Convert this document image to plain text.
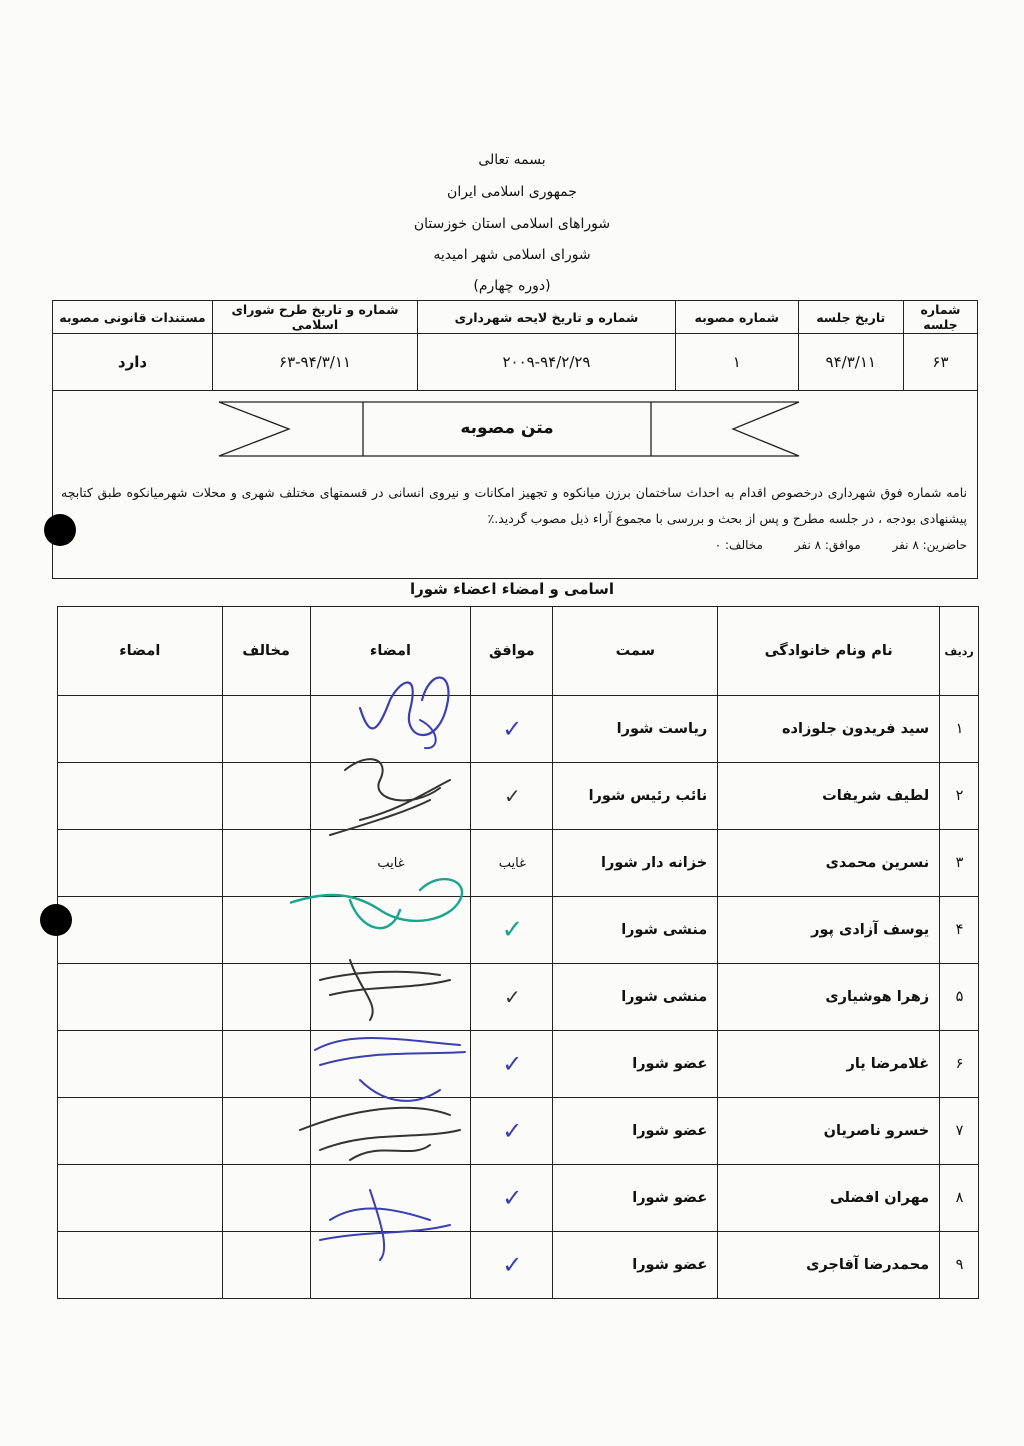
بسمه تعالی
جمهوری اسلامی ایران
شوراهای اسلامی استان خوزستان
شورای اسلامی شهر امیدیه
(دوره چهارم)
شماره جلسه	تاریخ جلسه	شماره مصوبه	شماره و تاریخ لایحه شهرداری	شماره و تاریخ طرح شورای اسلامی	مستندات قانونی مصوبه
۶۳	۹۴/۳/۱۱	۱	۲۰۰۹-۹۴/۲/۲۹	۶۳-۹۴/۳/۱۱	دارد
متن مصوبه
نامه شماره فوق شهرداری درخصوص اقدام به احداث ساختمان برزن میانکوه و تجهیز امکانات و نیروی انسانی در قسمتهای مختلف شهری و محلات شهرمیانکوه طبق کتابچه پیشنهادی بودجه ، در جلسه مطرح و پس از بحث و بررسی با مجموع آراء ذیل مصوب گردید.٪
حاضرین: ۸ نفر موافق: ۸ نفر مخالف: ۰
اسامی و امضاء اعضاء شورا
ردیف	نام ونام خانوادگی	سمت	موافق	امضاء	مخالف	امضاء
۱	سید فریدون جلوزاده	ریاست شورا	✓			
۲	لطیف شریفات	نائب رئیس شورا	✓			
۳	نسرین محمدی	خزانه دار شورا	غایب	غایب		
۴	یوسف آزادی پور	منشی شورا	✓			
۵	زهرا هوشیاری	منشی شورا	✓			
۶	غلامرضا یار	عضو شورا	✓			
۷	خسرو ناصریان	عضو شورا	✓			
۸	مهران افضلی	عضو شورا	✓			
۹	محمدرضا آقاجری	عضو شورا	✓			
